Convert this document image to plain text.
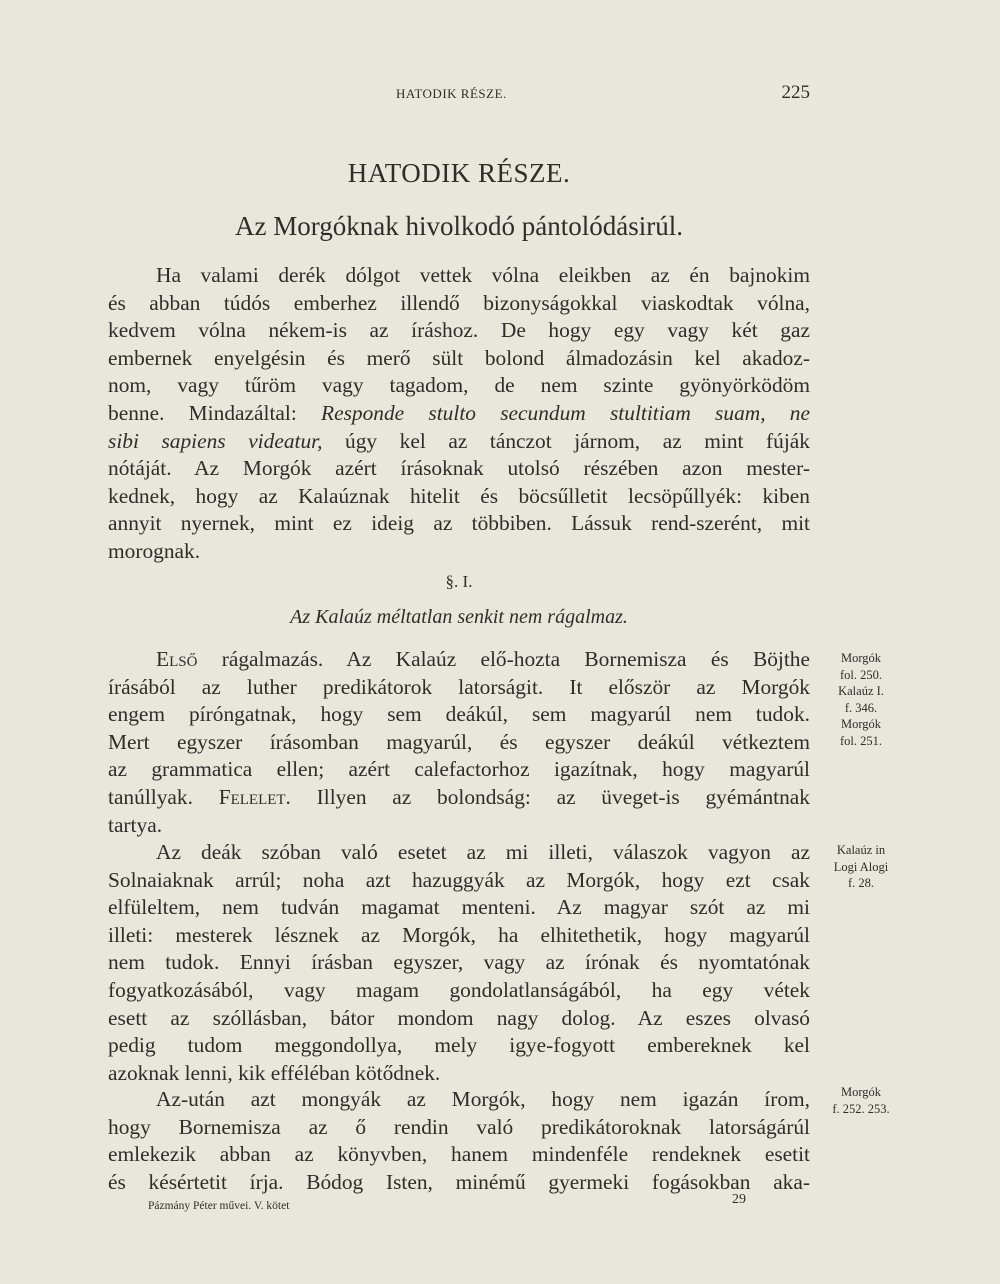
HATODIK RÉSZE.	225
HATODIK RÉSZE.
Az Morgóknak hivolkodó pántolódásirúl.
Ha valami derék dólgot vettek vólna eleikben az én bajnokim
és abban túdós emberhez illendő bizonyságokkal viaskodtak vólna,
kedvem vólna nékem-is az íráshoz. De hogy egy vagy két gaz
embernek enyelgésin és merő sült bolond álmadozásin kel akadoz-
nom, vagy tűröm vagy tagadom, de nem szinte gyönyörködöm
benne. Mindazáltal: Responde stulto secundum stultitiam suam, ne
sibi sapiens videatur, úgy kel az tánczot járnom, az mint fúják
nótáját. Az Morgók azért írásoknak utolsó részében azon mester-
kednek, hogy az Kalaúznak hitelit és böcsűlletit lecsöpűllyék: kiben
annyit nyernek, mint ez ideig az többiben. Lássuk rend-szerént, mit
morognak.
§. I.
Az Kalaúz méltatlan senkit nem rágalmaz.
Első rágalmazás. Az Kalaúz elő-hozta Bornemisza és Böjthe
írásából az luther predikátorok latorságit. It először az Morgók
engem píróngatnak, hogy sem deákúl, sem magyarúl nem tudok.
Mert egyszer írásomban magyarúl, és egyszer deákúl vétkeztem
az grammatica ellen; azért calefactorhoz igazítnak, hogy magyarúl
tanúllyak. Felelet. Illyen az bolondság: az üveget-is gyémántnak
tartya.
Az deák szóban való esetet az mi illeti, válaszok vagyon az
Solnaiaknak arrúl; noha azt hazuggyák az Morgók, hogy ezt csak
elfüleltem, nem tudván magamat menteni. Az magyar szót az mi
illeti: mesterek lésznek az Morgók, ha elhitethetik, hogy magyarúl
nem tudok. Ennyi írásban egyszer, vagy az írónak és nyomtatónak
fogyatkozásából, vagy magam gondolatlanságából, ha egy vétek
esett az szóllásban, bátor mondom nagy dolog. Az eszes olvasó
pedig tudom meggondollya, mely igye-fogyott embereknek kel
azoknak lenni, kik efféléban kötődnek.
Az-után azt mongyák az Morgók, hogy nem igazán írom,
hogy Bornemisza az ő rendin való predikátoroknak latorságárúl
emlekezik abban az könyvben, hanem mindenféle rendeknek esetit
és késértetit írja. Bódog Isten, minémű gyermeki fogásokban aka-
Morgók
fol. 250.
Kalaúz I.
f. 346.
Morgók
fol. 251.
Kalaúz in
Logi Alogi
f. 28.
Morgók
f. 252. 253.
Pázmány Péter művei. V. kötet	29
